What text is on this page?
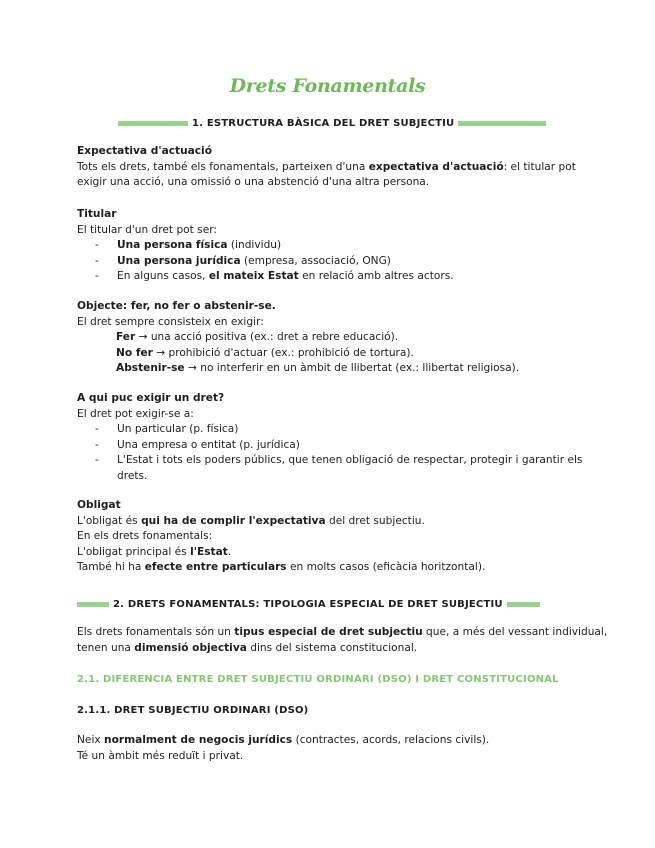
Drets Fonamentals
1. ESTRUCTURA BÀSICA DEL DRET SUBJECTIU
Expectativa d'actuació
Tots els drets, també els fonamentals, parteixen d'una expectativa d'actuació: el titular pot
exigir una acció, una omissió o una abstenció d'una altra persona.
Titular
El titular d'un dret pot ser:
-	Una persona física (individu)
-	Una persona jurídica (empresa, associació, ONG)
-	En alguns casos, el mateix Estat en relació amb altres actors.
Objecte: fer, no fer o abstenir-se.
El dret sempre consisteix en exigir:
Fer → una acció positiva (ex.: dret a rebre educació).
No fer → prohibició d'actuar (ex.: prohibició de tortura).
Abstenir-se → no interferir en un àmbit de llibertat (ex.: llibertat religiosa).
A qui puc exigir un dret?
El dret pot exigir-se a:
-	Un particular (p. física)
-	Una empresa o entitat (p. jurídica)
-	L'Estat i tots els poders públics, que tenen obligació de respectar, protegir i garantir els
drets.
Obligat
L'obligat és qui ha de complir l'expectativa del dret subjectiu.
En els drets fonamentals:
L'obligat principal és l'Estat.
També hi ha efecte entre particulars en molts casos (eficàcia horitzontal).
2. DRETS FONAMENTALS: TIPOLOGIA ESPECIAL DE DRET SUBJECTIU
Els drets fonamentals són un tipus especial de dret subjectiu que, a més del vessant individual,
tenen una dimensió objectiva dins del sistema constitucional.
2.1. DIFERENCIA ENTRE DRET SUBJECTIU ORDINARI (DSO) I DRET CONSTITUCIONAL
2.1.1. DRET SUBJECTIU ORDINARI (DSO)
Neix normalment de negocis jurídics (contractes, acords, relacions civils).
Té un àmbit més reduït i privat.
